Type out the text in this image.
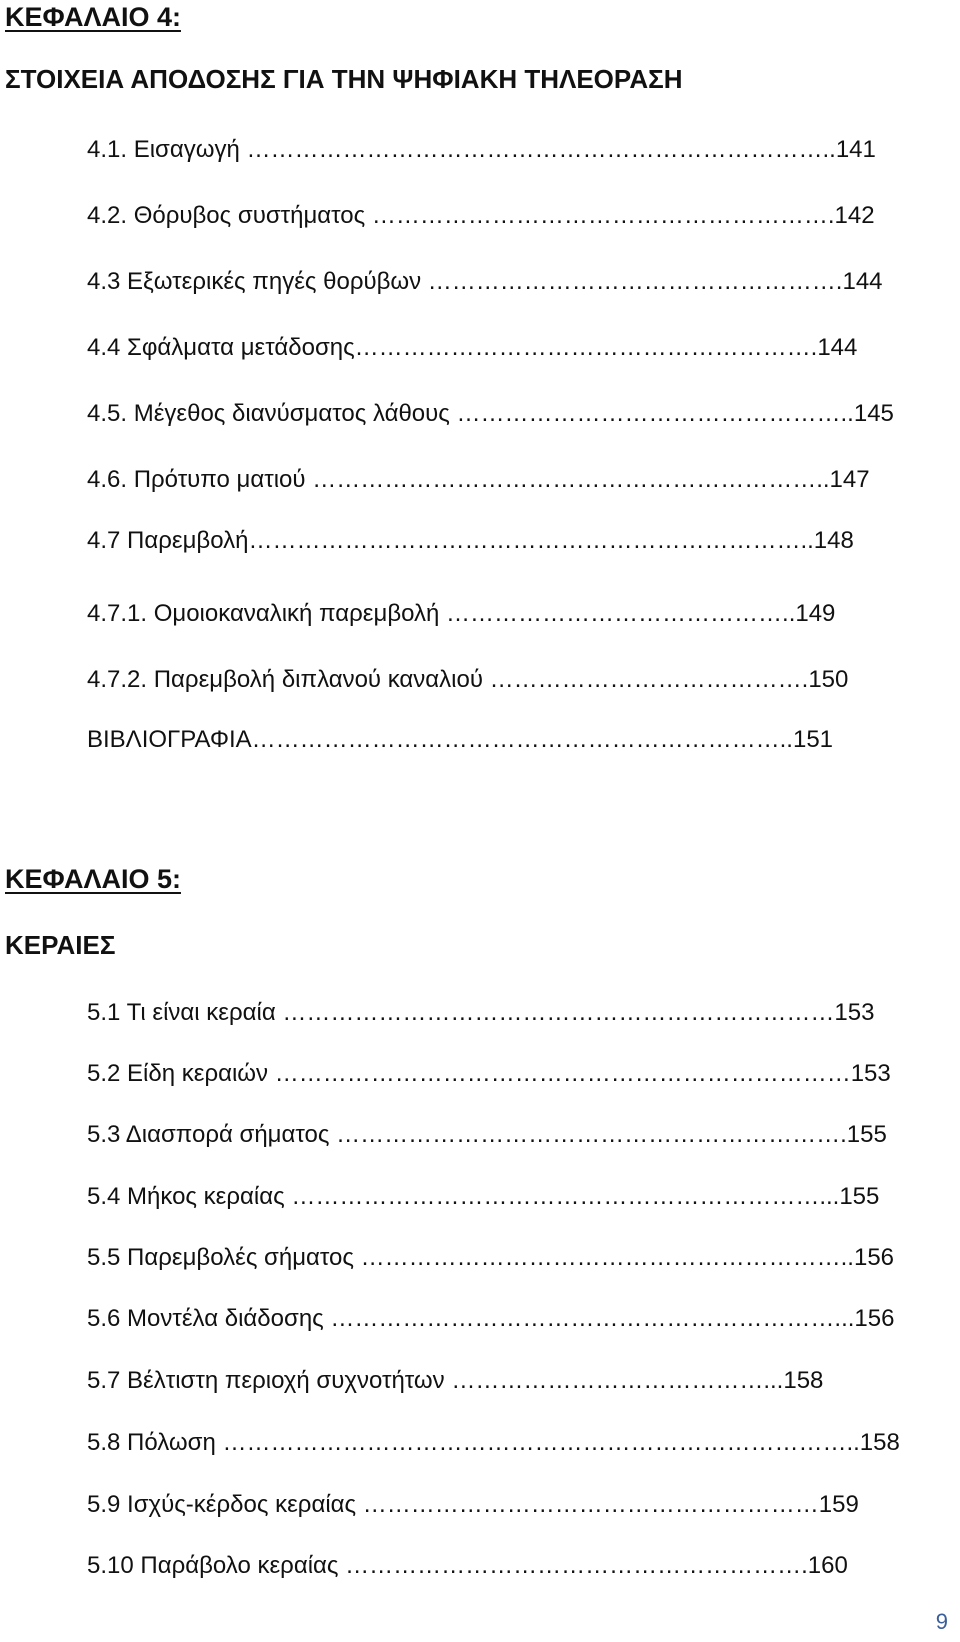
ΚΕΦΑΛΑΙΟ 4:
ΣΤΟΙΧΕΙΑ ΑΠΟΔΟΣΗΣ ΓΙΑ ΤΗΝ ΨΗΦΙΑΚΗ ΤΗΛΕΟΡΑΣΗ
4.1. Εισαγωγή ………………………………………………………………..141
4.2. Θόρυβος συστήματος ………………………………………………….142
4.3 Εξωτερικές πηγές θορύβων …………………………………………….144
4.4 Σφάλματα μετάδοσης………………………………………………….144
4.5. Μέγεθος διανύσματος λάθους …………………………………………..145
4.6. Πρότυπο ματιού ………………………………………………………..147
4.7 Παρεμβολή……………………………………………………………..148
4.7.1. Ομοιοκαναλική παρεμβολή ……………………………………..149
4.7.2. Παρεμβολή διπλανού καναλιού ………………………………….150
ΒΙΒΛΙΟΓΡΑΦΙΑ…………………………………………………………..151
ΚΕΦΑΛΑΙΟ 5:
ΚΕΡΑΙΕΣ
5.1 Τι είναι κεραία ……………………………………………………………153
5.2 Είδη κεραιών ………………………………………………………………153
5.3 Διασπορά σήματος ……………………………………………………….155
5.4 Μήκος κεραίας …………………………………………………………...155
5.5 Παρεμβολές σήματος ……………………………………………………..156
5.6 Μοντέλα διάδοσης ………………………………………………………...156
5.7 Βέλτιστη περιοχή συχνοτήτων …………………………………...158
5.8 Πόλωση ……………………………………………………………………..158
5.9 Ισχύς-κέρδος κεραίας …………………………………………………159
5.10 Παράβολο κεραίας ………………………………………………….160
9
